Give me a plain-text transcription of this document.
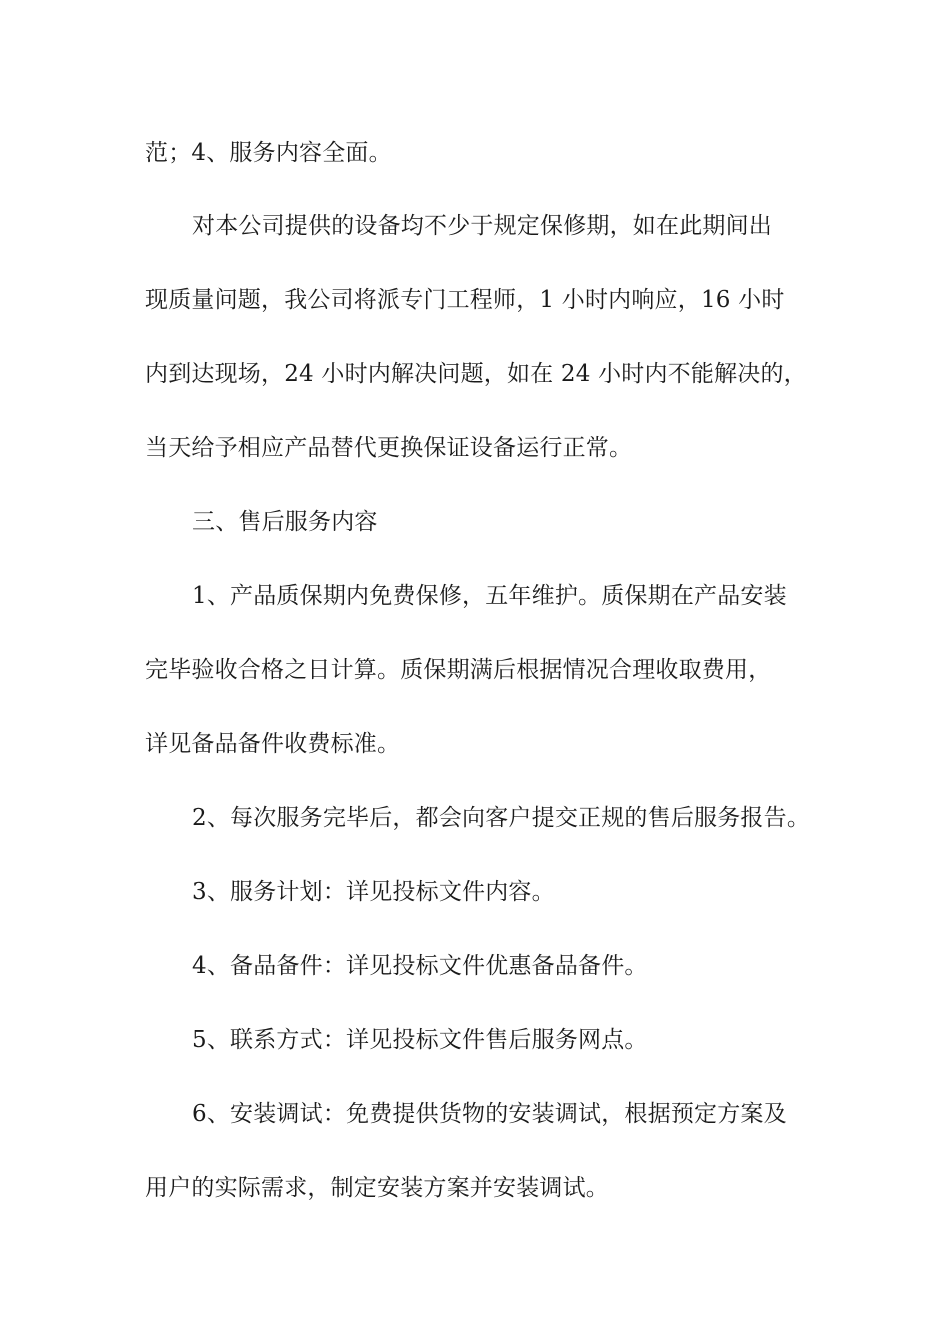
范；4、服务内容全面。
对本公司提供的设备均不少于规定保修期，如在此期间出
现质量问题，我公司将派专门工程师，1 小时内响应，16 小时
内到达现场，24 小时内解决问题，如在 24 小时内不能解决的，
当天给予相应产品替代更换保证设备运行正常。
三、售后服务内容
1、产品质保期内免费保修，五年维护。质保期在产品安装
完毕验收合格之日计算。质保期满后根据情况合理收取费用，
详见备品备件收费标准。
2、每次服务完毕后，都会向客户提交正规的售后服务报告。
3、服务计划：详见投标文件内容。
4、备品备件：详见投标文件优惠备品备件。
5、联系方式：详见投标文件售后服务网点。
6、安装调试：免费提供货物的安装调试，根据预定方案及
用户的实际需求，制定安装方案并安装调试。
